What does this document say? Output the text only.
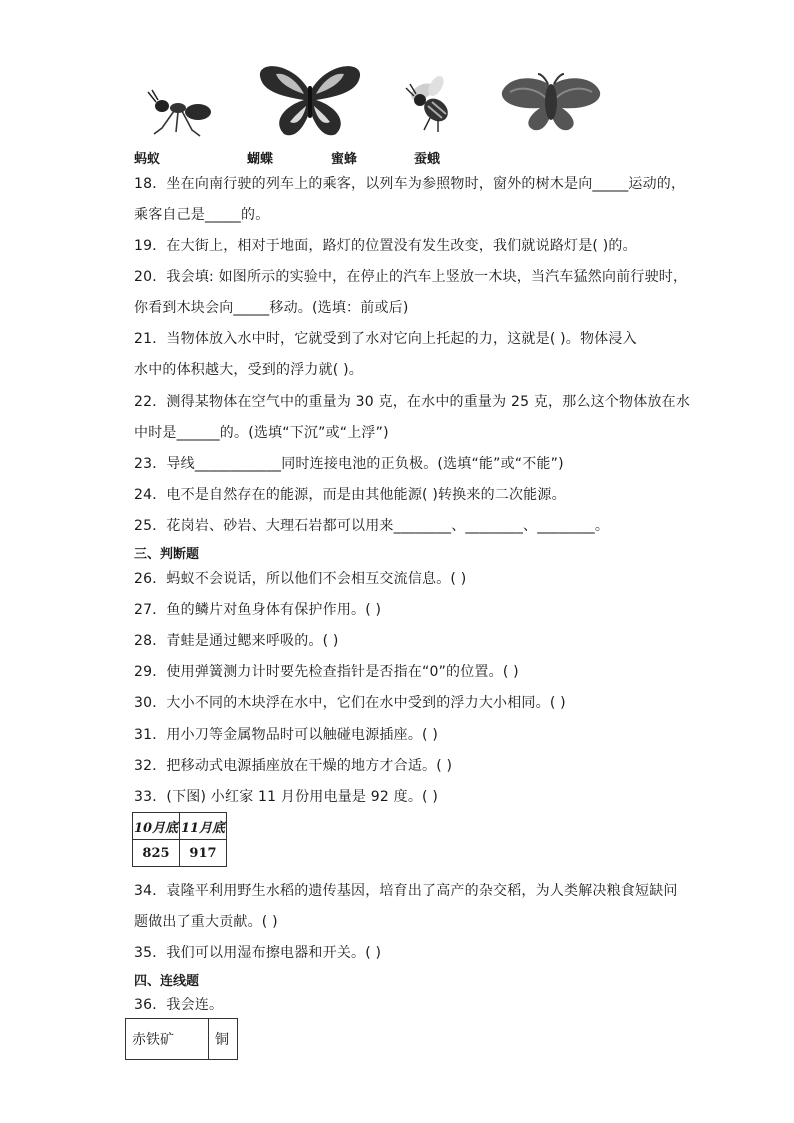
蚂蚁	蝴蝶	蜜蜂	蚕蛾
18．坐在向南行驶的列车上的乘客，以列车为参照物时，窗外的树木是向_____运动的，
乘客自己是_____的。
19．在大街上，相对于地面，路灯的位置没有发生改变，我们就说路灯是( )的。
20．我会填: 如图所示的实验中，在停止的汽车上竖放一木块，当汽车猛然向前行驶时，
你看到木块会向_____移动。(选填：前或后)
21．当物体放入水中时，它就受到了水对它向上托起的力，这就是( )。物体浸入
水中的体积越大，受到的浮力就( )。
22．测得某物体在空气中的重量为 30 克，在水中的重量为 25 克，那么这个物体放在水
中时是______的。(选填“下沉”或“上浮”)
23．导线____________同时连接电池的正负极。(选填“能”或“不能”)
24．电不是自然存在的能源，而是由其他能源( )转换来的二次能源。
25．花岗岩、砂岩、大理石岩都可以用来________、________、________。
三、判断题
26．蚂蚁不会说话，所以他们不会相互交流信息。( )
27．鱼的鳞片对鱼身体有保护作用。( )
28．青蛙是通过鳃来呼吸的。( )
29．使用弹簧测力计时要先检查指针是否指在“0”的位置。( )
30．大小不同的木块浮在水中，它们在水中受到的浮力大小相同。( )
31．用小刀等金属物品时可以触碰电源插座。( )
32．把移动式电源插座放在干燥的地方才合适。( )
33．(下图) 小红家 11 月份用电量是 92 度。( )
10月底	11月底
825	917
34．袁隆平利用野生水稻的遗传基因，培育出了高产的杂交稻，为人类解决粮食短缺问
题做出了重大贡献。( )
35．我们可以用湿布擦电器和开关。( )
四、连线题
36．我会连。
赤铁矿	铜
